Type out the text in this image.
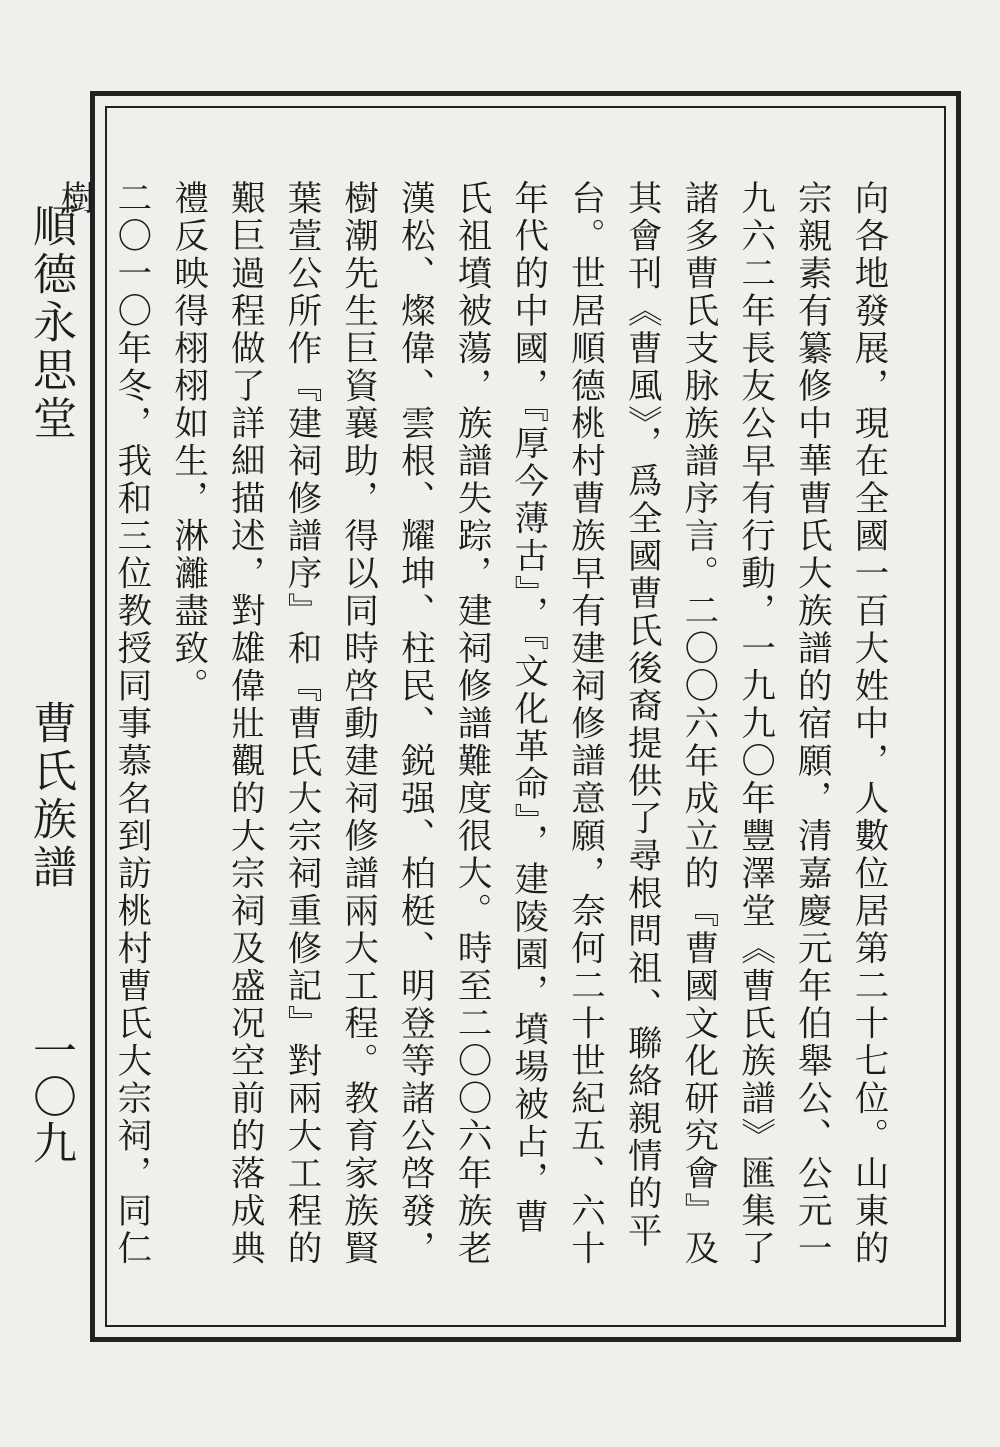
順德永思堂
曹氏族譜
一〇九	向各地發展，現在全國一百大姓中，人數位居第二十七位。山東的宗親素有纂修中華曹氏大族譜的宿願，清嘉慶元年伯舉公、公元一九六二年長友公早有行動，一九九〇年豐澤堂《曹氏族譜》匯集了諸多曹氏支脉族譜序言。二〇〇六年成立的『曹國文化研究會』及其會刊《曹風》，爲全國曹氏後裔提供了尋根問祖、聯絡親情的平台。世居順德桃村曹族早有建祠修譜意願，奈何二十世紀五、六十年代的中國，『厚今薄古』，『文化革命』，建陵園，墳場被占，曹氏祖墳被蕩，族譜失踪，建祠修譜難度很大。時至二〇〇六年族老漢松、燦偉、雲根、耀坤、柱民、鋭强、柏梃、明登等諸公啓發，樹潮先生巨資襄助，得以同時啓動建祠修譜兩大工程。教育家族賢葉萱公所作『建祠修譜序』和『曹氏大宗祠重修記』對兩大工程的艱巨過程做了詳細描述，對雄偉壯觀的大宗祠及盛况空前的落成典禮反映得栩栩如生，淋灕盡致。

二〇一〇年冬，我和三位教授同事慕名到訪桃村曹氏大宗祠，同仁樹
